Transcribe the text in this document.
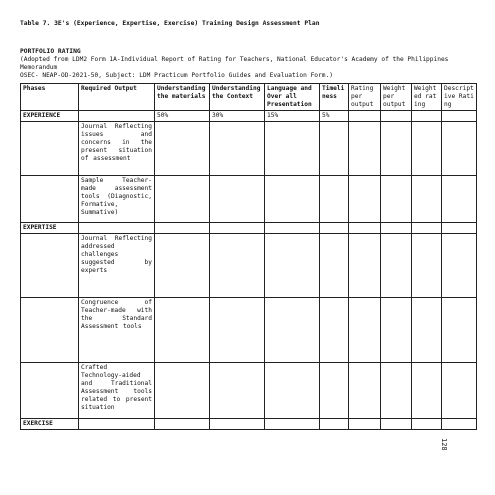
Table 7. 3E's (Experience, Expertise, Exercise) Training Design Assessment Plan
PORTFOLIO RATING
(Adopted from LDM2 Form 1A-Individual Report of Rating for Teachers, National Educator's Academy of the Philippines Memorandum
OSEC- NEAP-OD-2021-50, Subject: LDM Practicum Portfolio Guides and Evaluation Form.)
Phases	Required Output	Understanding the materials	Understanding the Context	Language and Over all Presentation	Timeliness	Rating per output	Weight per output	Weighted rating	Descriptive Rating
EXPERIENCE		50%	30%	15%	5%				
	Journal Reflecting issues and concerns in the present situation of assessment								
	Sample Teacher-made assessment tools (Diagnostic, Formative, Summative)								
EXPERTISE									
	Journal Reflecting addressed challenges suggested by experts								
	Congruence of Teacher-made with the Standard Assessment tools								
	Crafted Technology-aided and Traditional Assessment tools related to present situation								
EXERCISE									
128
